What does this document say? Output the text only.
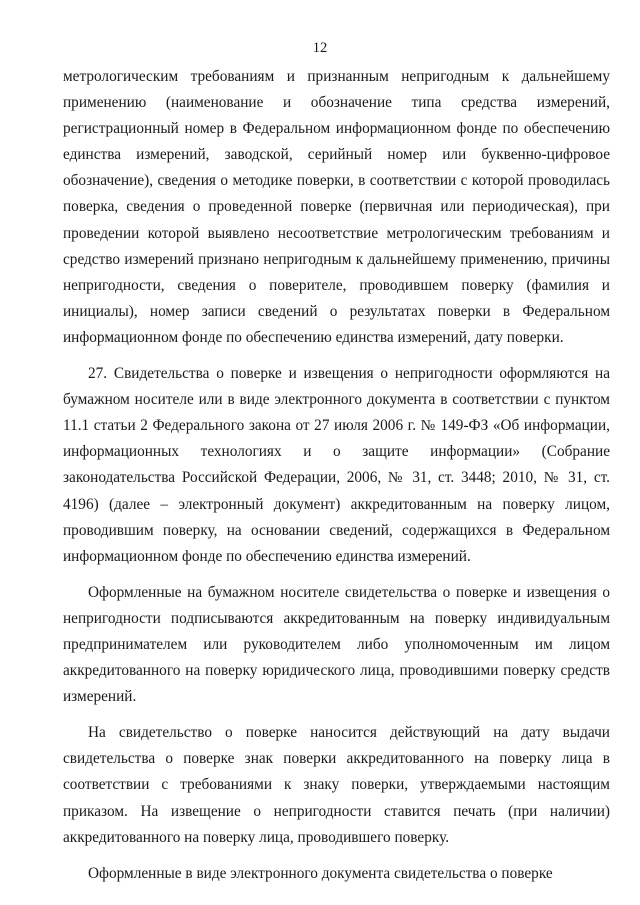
12

метрологическим требованиям и признанным непригодным к дальнейшему применению (наименование и обозначение типа средства измерений, регистрационный номер в Федеральном информационном фонде по обеспечению единства измерений, заводской, серийный номер или буквенно-цифровое обозначение), сведения о методике поверки, в соответствии с которой проводилась поверка, сведения о проведенной поверке (первичная или периодическая), при проведении которой выявлено несоответствие метрологическим требованиям и средство измерений признано непригодным к дальнейшему применению, причины непригодности, сведения о поверителе, проводившем поверку (фамилия и инициалы), номер записи сведений о результатах поверки в Федеральном информационном фонде по обеспечению единства измерений, дату поверки.

27. Свидетельства о поверке и извещения о непригодности оформляются на бумажном носителе или в виде электронного документа в соответствии с пунктом 11.1 статьи 2 Федерального закона от 27 июля 2006 г. № 149-ФЗ «Об информации, информационных технологиях и о защите информации» (Собрание законодательства Российской Федерации, 2006, № 31, ст. 3448; 2010, № 31, ст. 4196) (далее – электронный документ) аккредитованным на поверку лицом, проводившим поверку, на основании сведений, содержащихся в Федеральном информационном фонде по обеспечению единства измерений.

Оформленные на бумажном носителе свидетельства о поверке и извещения о непригодности подписываются аккредитованным на поверку индивидуальным предпринимателем или руководителем либо уполномоченным им лицом аккредитованного на поверку юридического лица, проводившими поверку средств измерений.

На свидетельство о поверке наносится действующий на дату выдачи свидетельства о поверке знак поверки аккредитованного на поверку лица в соответствии с требованиями к знаку поверки, утверждаемыми настоящим приказом. На извещение о непригодности ставится печать (при наличии) аккредитованного на поверку лица, проводившего поверку.

Оформленные в виде электронного документа свидетельства о поверке
